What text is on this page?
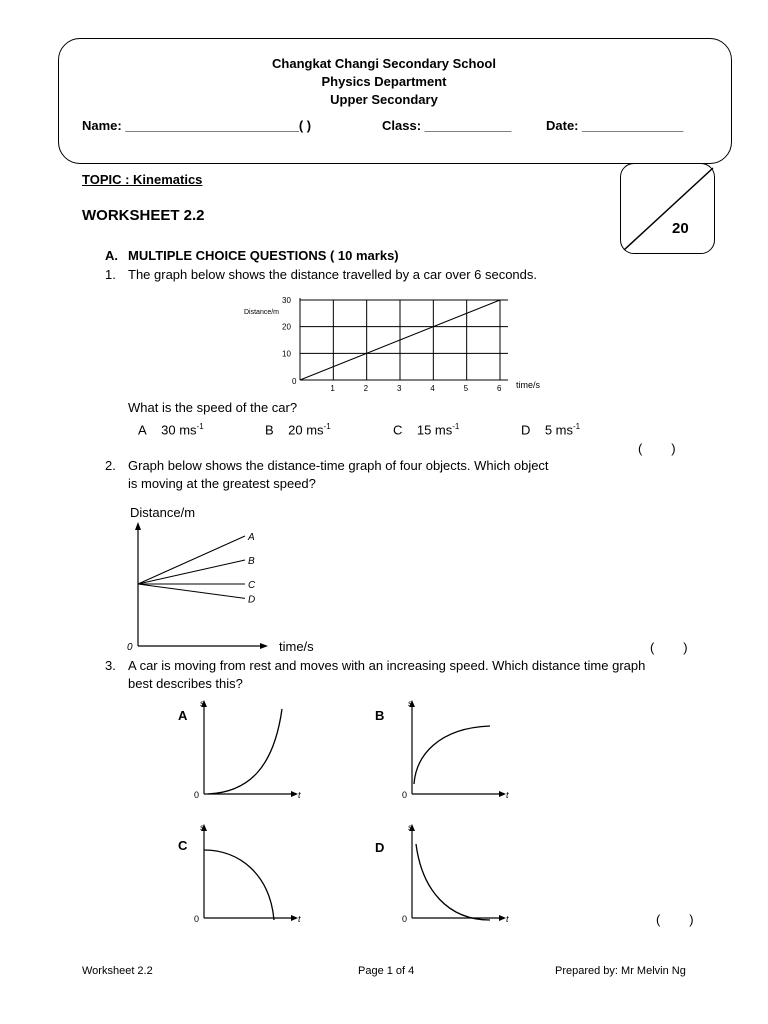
Changkat Changi Secondary School
Physics Department
Upper Secondary
Name: ________________________( )	Class: ____________	Date: ______________
TOPIC : Kinematics
WORKSHEET 2.2
20
A. MULTIPLE CHOICE QUESTIONS ( 10 marks)
1. The graph below shows the distance travelled by a car over 6 seconds.
Distance/m
time/s
0
1	2	3	4	5	6
30
20
10
What is the speed of the car?
A 30 $ms^{-1}$	B 20 $ms^{-1}$	C 15 $ms^{-1}$	D 5 $ms^{-1}$
(        )
2. Graph below shows the distance-time graph of four objects. Which object
is moving at the greatest speed?
Distance/m
A
B
C
D
0	time/s	(        )
3. A car is moving from rest and moves with an increasing speed. Which distance time graph
best describes this?
A
s
t
0
B
s
t
0
C
s
t
0
D
s
t
0	(        )
Worksheet 2.2	Page 1 of 4	Prepared by: Mr Melvin Ng
